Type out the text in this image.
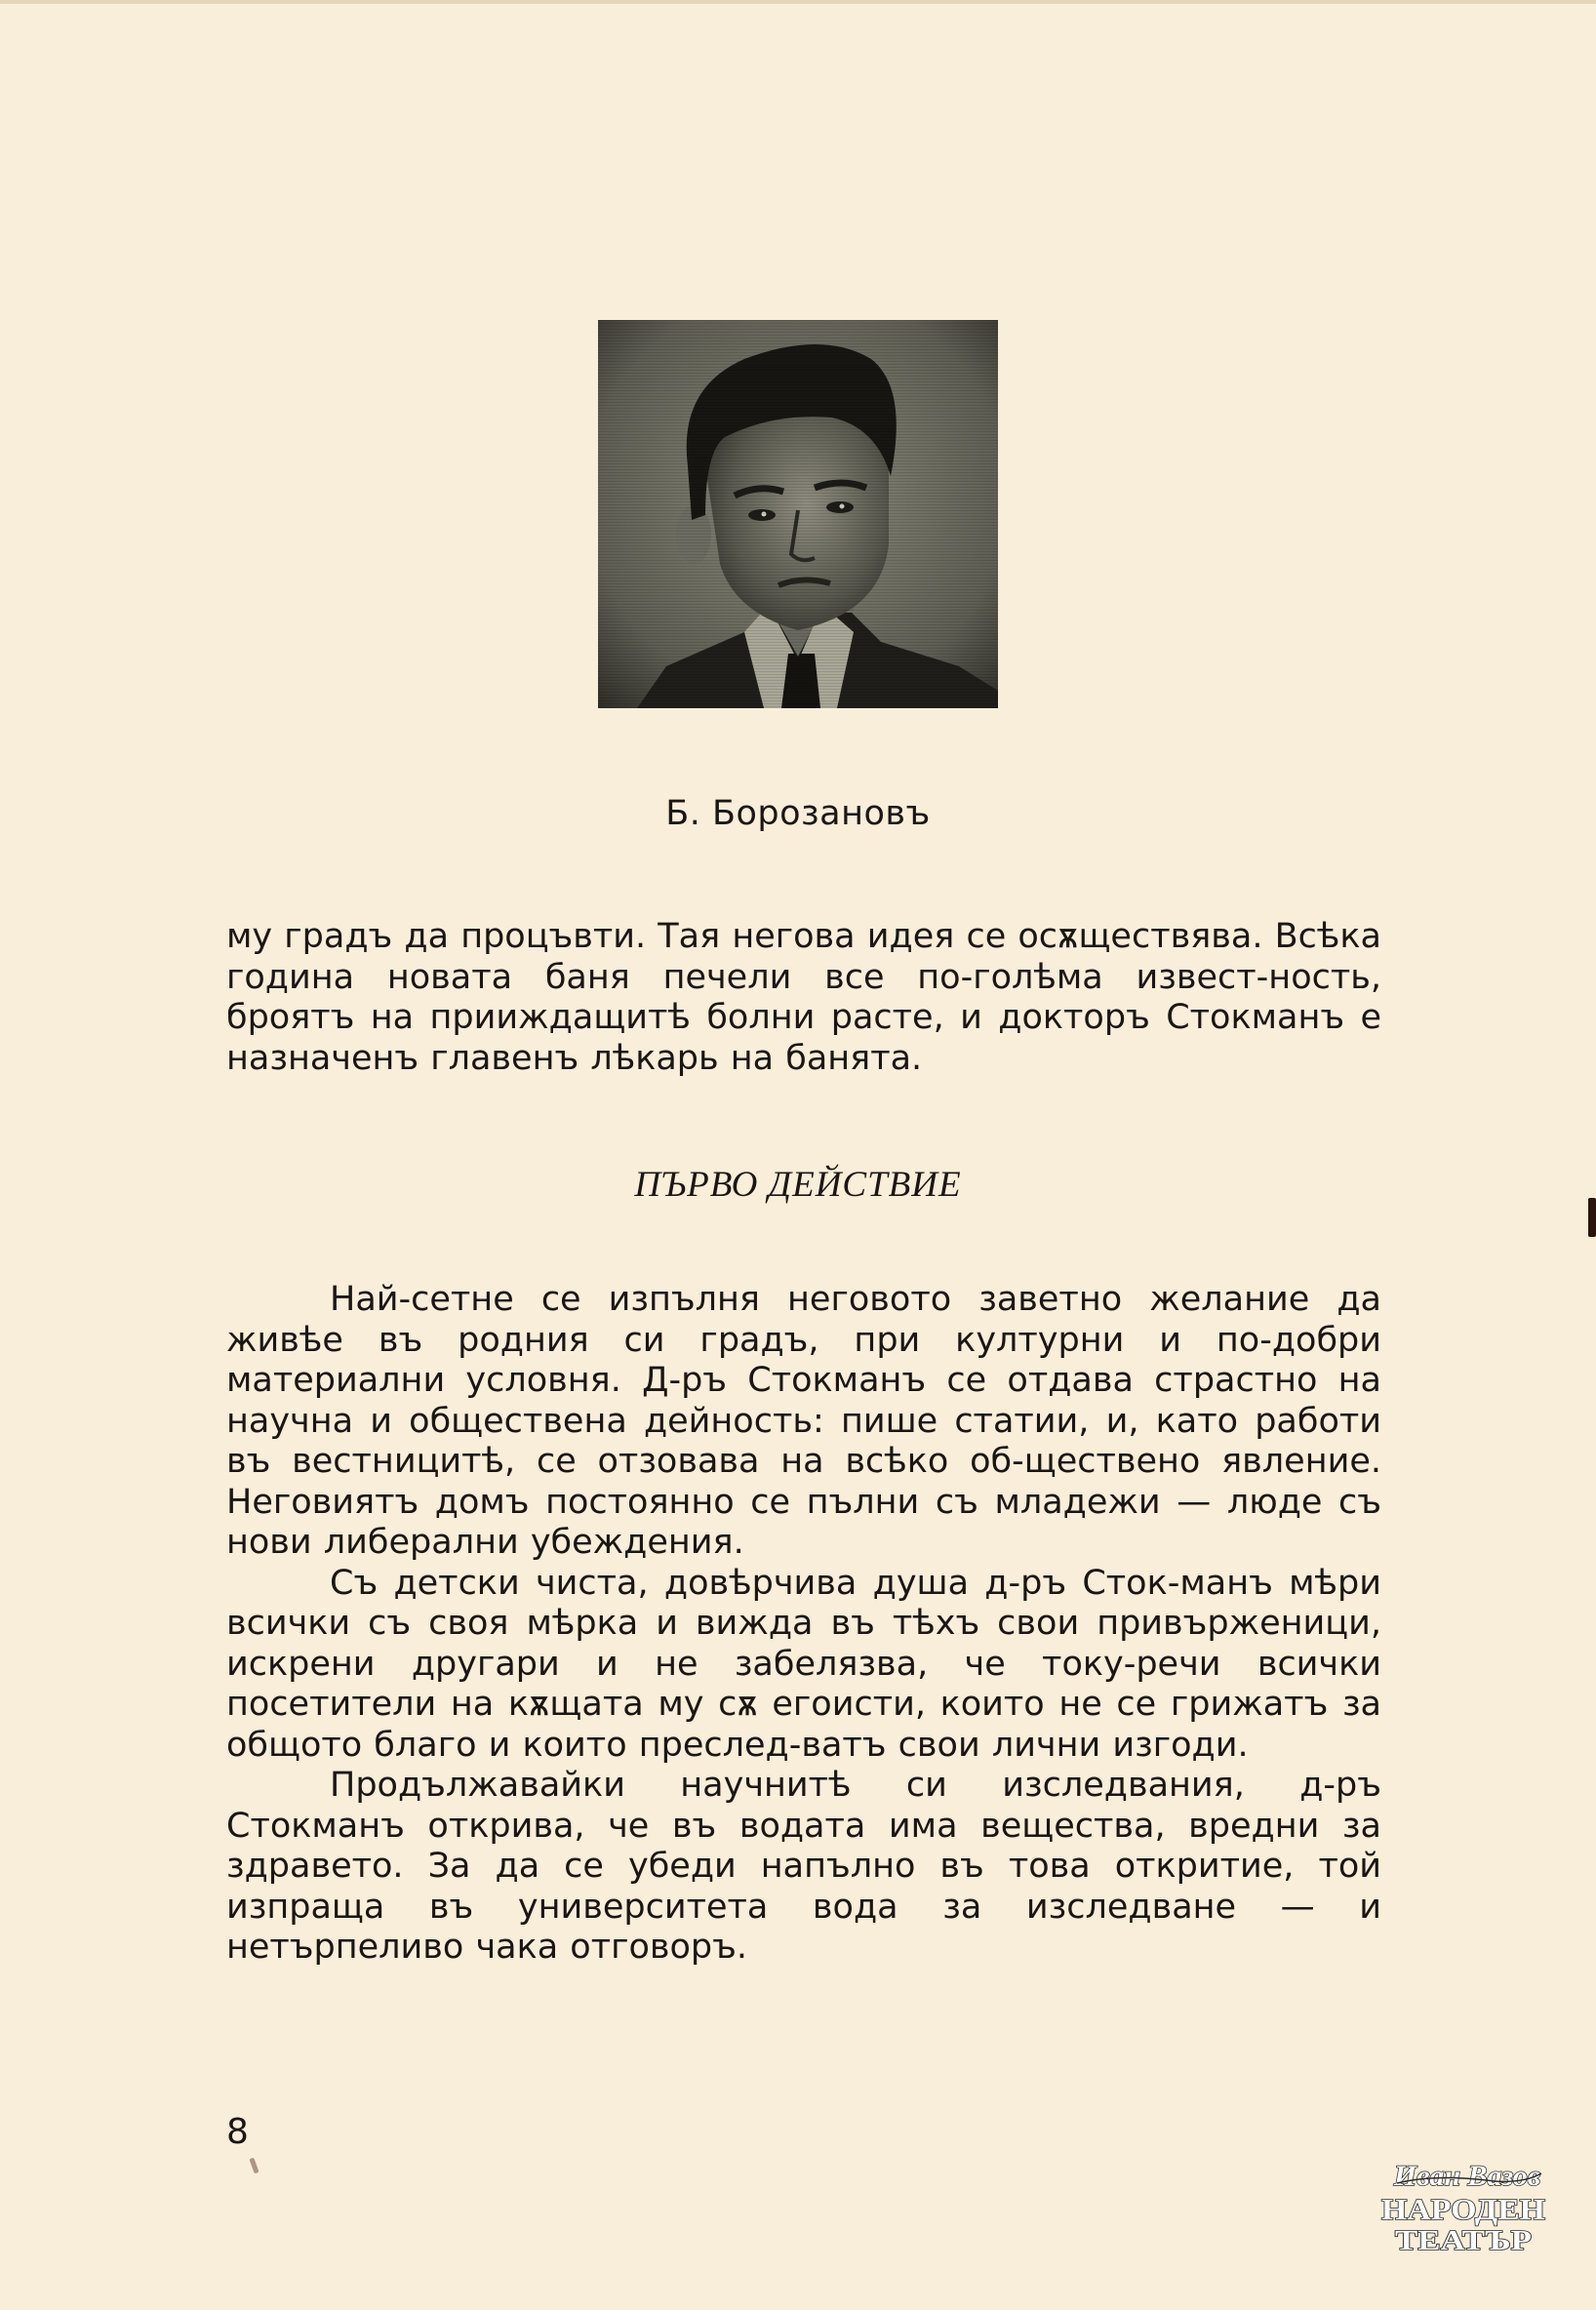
Б. Борозановъ

му градъ да процъвти. Тая негова идея се осѫществява. Всѣка година новата баня печели все по-голѣма извест-ность, броятъ на прииждащитѣ болни расте, и докторъ Стокманъ е назначенъ главенъ лѣкарь на банята.

ПЪРВО ДЕЙСТВИЕ

Най-сетне се изпълня неговото заветно желание да живѣе въ родния си градъ, при културни и по-добри материални условня. Д-ръ Стокманъ се отдава страстно на научна и обществена дейность: пише статии, и, като работи въ вестницитѣ, се отзовава на всѣко об-ществено явление. Неговиятъ домъ постоянно се пълни съ младежи — люде съ нови либерални убеждения.

Съ детски чиста, довѣрчива душа д-ръ Сток-манъ мѣри всички съ своя мѣрка и вижда въ тѣхъ свои привърженици, искрени другари и не забелязва, че току-речи всички посетители на кѫщата му сѫ егоисти, които не се грижатъ за общото благо и които преслед-ватъ свои лични изгоди.

Продължавайки научнитѣ си изследвания, д-ръ Стокманъ открива, че въ водата има вещества, вредни за здравето. За да се убеди напълно въ това откритие, той изпраща въ университета вода за изследване — и нетърпеливо чака отговоръ.

8
Иван Вазов
НАРОДЕН
ТЕАТЪР
